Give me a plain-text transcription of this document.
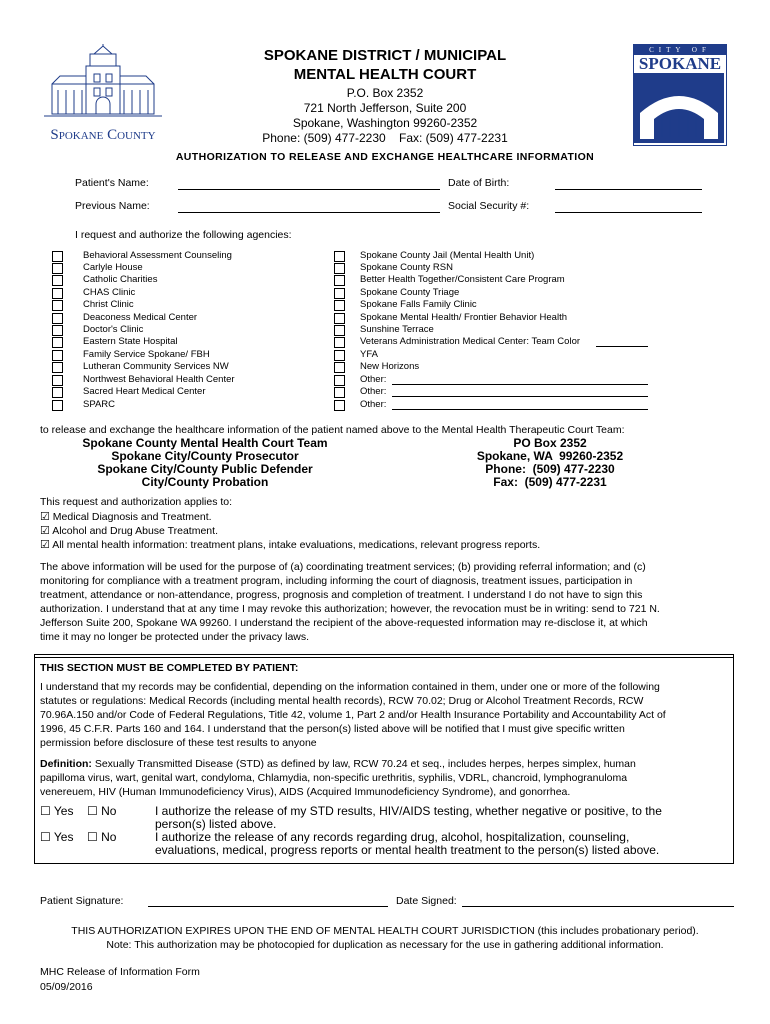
Spokane County
CITY OF
SPOKANE
SPOKANE DISTRICT / MUNICIPAL
MENTAL HEALTH COURT
P.O. Box 2352
721 North Jefferson, Suite 200
Spokane, Washington 99260-2352
Phone: (509) 477-2230    Fax: (509) 477-2231
AUTHORIZATION TO RELEASE AND EXCHANGE HEALTHCARE INFORMATION
Patient's Name:	Date of Birth:
Previous Name:	Social Security #:
I request and authorize the following agencies:
Behavioral Assessment Counseling
Carlyle House
Catholic Charities
CHAS Clinic
Christ Clinic
Deaconess Medical Center
Doctor's Clinic
Eastern State Hospital
Family Service Spokane/ FBH
Lutheran Community Services NW
Northwest Behavioral Health Center
Sacred Heart Medical Center
SPARC
Spokane County Jail (Mental Health Unit)
Spokane County RSN
Better Health Together/Consistent Care Program
Spokane County Triage
Spokane Falls Family Clinic
Spokane Mental Health/ Frontier Behavior Health
Sunshine Terrace
Veterans Administration Medical Center: Team Color
YFA
New Horizons
Other:
Other:
Other:
to release and exchange the healthcare information of the patient named above to the Mental Health Therapeutic Court Team:
Spokane County Mental Health Court Team
Spokane City/County Prosecutor
Spokane City/County Public Defender
City/County Probation
PO Box 2352
Spokane, WA  99260-2352
Phone:  (509) 477-2230
Fax:  (509) 477-2231
This request and authorization applies to:
☑ Medical Diagnosis and Treatment.
☑ Alcohol and Drug Abuse Treatment.
☑ All mental health information: treatment plans, intake evaluations, medications, relevant progress reports.
The above information will be used for the purpose of (a) coordinating treatment services; (b) providing referral information; and (c)
monitoring for compliance with a treatment program, including informing the court of diagnosis, treatment issues, participation in
treatment, attendance or non-attendance, progress, prognosis and completion of treatment. I understand I do not have to sign this
authorization. I understand that at any time I may revoke this authorization; however, the revocation must be in writing: send to 721 N.
Jefferson Suite 200, Spokane WA 99260. I understand the recipient of the above-requested information may re-disclose it, at which
time it may no longer be protected under the privacy laws.
THIS SECTION MUST BE COMPLETED BY PATIENT:
I understand that my records may be confidential, depending on the information contained in them, under one or more of the following
statutes or regulations: Medical Records (including mental health records), RCW 70.02; Drug or Alcohol Treatment Records, RCW
70.96A.150 and/or Code of Federal Regulations, Title 42, volume 1, Part 2 and/or Health Insurance Portability and Accountability Act of
1996, 45 C.F.R. Parts 160 and 164. I understand that the person(s) listed above will be notified that I must give specific written
permission before disclosure of these test results to anyone
Definition: Sexually Transmitted Disease (STD) as defined by law, RCW 70.24 et seq., includes herpes, herpes simplex, human
papilloma virus, wart, genital wart, condyloma, Chlamydia, non-specific urethritis, syphilis, VDRL, chancroid, lymphogranuloma
venereuem, HIV (Human Immunodeficiency Virus), AIDS (Acquired Immunodeficiency Syndrome), and gonorrhea.
☐ Yes ☐ No	I authorize the release of my STD results, HIV/AIDS testing, whether negative or positive, to the
person(s) listed above.
☐ Yes ☐ No	I authorize the release of any records regarding drug, alcohol, hospitalization, counseling,
evaluations, medical, progress reports or mental health treatment to the person(s) listed above.
Patient Signature:	Date Signed:
THIS AUTHORIZATION EXPIRES UPON THE END OF MENTAL HEALTH COURT JURISDICTION (this includes probationary period).
Note: This authorization may be photocopied for duplication as necessary for the use in gathering additional information.
MHC Release of Information Form
05/09/2016
